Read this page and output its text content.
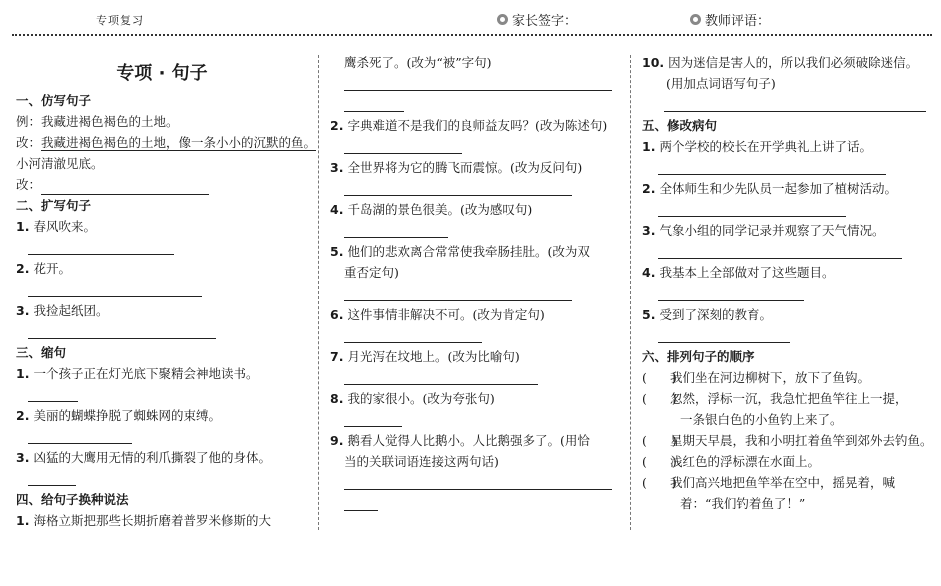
专项复习	家长签字：	教师评语：
专项 · 句子
一、仿写句子
例：我藏进褐色褐色的土地。
改：我藏进褐色褐色的土地，像一条小小的沉默的鱼。
小河清澈见底。
改：
二、扩写句子
1. 春风吹来。
2. 花开。
3. 我捡起纸团。
三、缩句
1. 一个孩子正在灯光底下聚精会神地读书。
2. 美丽的蝴蝶挣脱了蜘蛛网的束缚。
3. 凶猛的大鹰用无情的利爪撕裂了他的身体。
四、给句子换种说法
1. 海格立斯把那些长期折磨着普罗米修斯的大
鹰杀死了。(改为“被”字句)
2. 字典难道不是我们的良师益友吗？(改为陈述句)
3. 全世界将为它的腾飞而震惊。(改为反问句)
4. 千岛湖的景色很美。(改为感叹句)
5. 他们的悲欢离合常常使我牵肠挂肚。(改为双
重否定句)
6. 这件事情非解决不可。(改为肯定句)
7. 月光泻在坟地上。(改为比喻句)
8. 我的家很小。(改为夸张句)
9. 鹅看人觉得人比鹅小。人比鹅强多了。(用恰
当的关联词语连接这两句话)
10. 因为迷信是害人的，所以我们必须破除迷信。
(用加点词语写句子)
五、修改病句
1. 两个学校的校长在开学典礼上讲了话。
2. 全体师生和少先队员一起参加了植树活动。
3. 气象小组的同学记录并观察了天气情况。
4. 我基本上全部做对了这些题目。
5. 受到了深刻的教育。
六、排列句子的顺序
(　　)我们坐在河边柳树下，放下了鱼钩。
(　　)忽然，浮标一沉，我急忙把鱼竿往上一提，
一条银白色的小鱼钓上来了。
(　　)星期天早晨，我和小明扛着鱼竿到郊外去钓鱼。
(　　)浅红色的浮标漂在水面上。
(　　)我们高兴地把鱼竿举在空中，摇晃着，喊
着：“我们钓着鱼了！”
